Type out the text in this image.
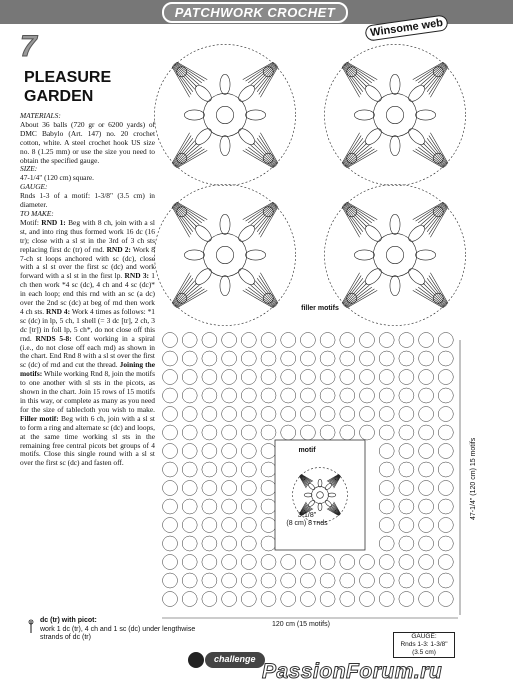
PATCHWORK CROCHET
Winsome web
7
PLEASURE
GARDEN

MATERIALS:

About 36 balls (720 gr or 6200 yards) of DMC Babylo (Art. 147) no. 20 crochet cotton, white. A steel crochet hook US size no. 8 (1.25 mm) or use the size you need to obtain the specified gauge.

SIZE:

47-1/4" (120 cm) square.

GAUGE:

Rnds 1-3 of a motif: 1-3/8" (3.5 cm) in diameter.

TO MAKE:

Motif: RND 1: Beg with 8 ch, join with a sl st, and into ring thus formed work 16 dc (16 tr); close with a sl st in the 3rd of 3 ch sts replacing first dc (tr) of rnd. RND 2: Work 8 7-ch st loops anchored with sc (dc), close with a sl st over the first sc (dc) and work forward with a sl st in the first lp. RND 3: 1 ch then work *4 sc (dc), 4 ch and 4 sc (dc)* in each loop; end this rnd with an sc (a dc) over the 2nd sc (dc) at beg of rnd then work 4 ch sts. RND 4: Work 4 times as follows: *1 sc (dc) in lp, 5 ch, 1 shell (= 3 dc [tr], 2 ch, 3 dc [tr]) in foll lp, 5 ch*, do not close off this rnd. RNDS 5-8: Cont working in a spiral (i.e., do not close off each rnd) as shown in the chart. End Rnd 8 with a sl st over the first sc (dc) of rnd and cut the thread. Joining the motifs: While working Rnd 8, join the motifs to one another with sl sts in the picots, as shown in the chart. Join 15 rows of 15 motifs in this way, or complete as many as you need for the size of tablecloth you wish to make. Filler motif: Beg with 6 ch, join with a sl st to form a ring and alternate sc (dc) and loops, at the same time working sl sts in the remaining free central picots bet groups of 4 motifs. Close this single round with a sl st over the first sc (dc) and fasten off.

filler motifs
motif
3-1/8"
(8 cm) 8 rnds
120 cm (15 motifs)
47-1/4" (120 cm) 15 motifs
dc (tr) with picot:
work 1 dc (tr), 4 ch and 1 sc (dc) under lengthwise strands of dc (tr)	GAUGE:
Rnds 1-3: 1-3/8"
(3.5 cm)
challenge
PassionForum.ru
